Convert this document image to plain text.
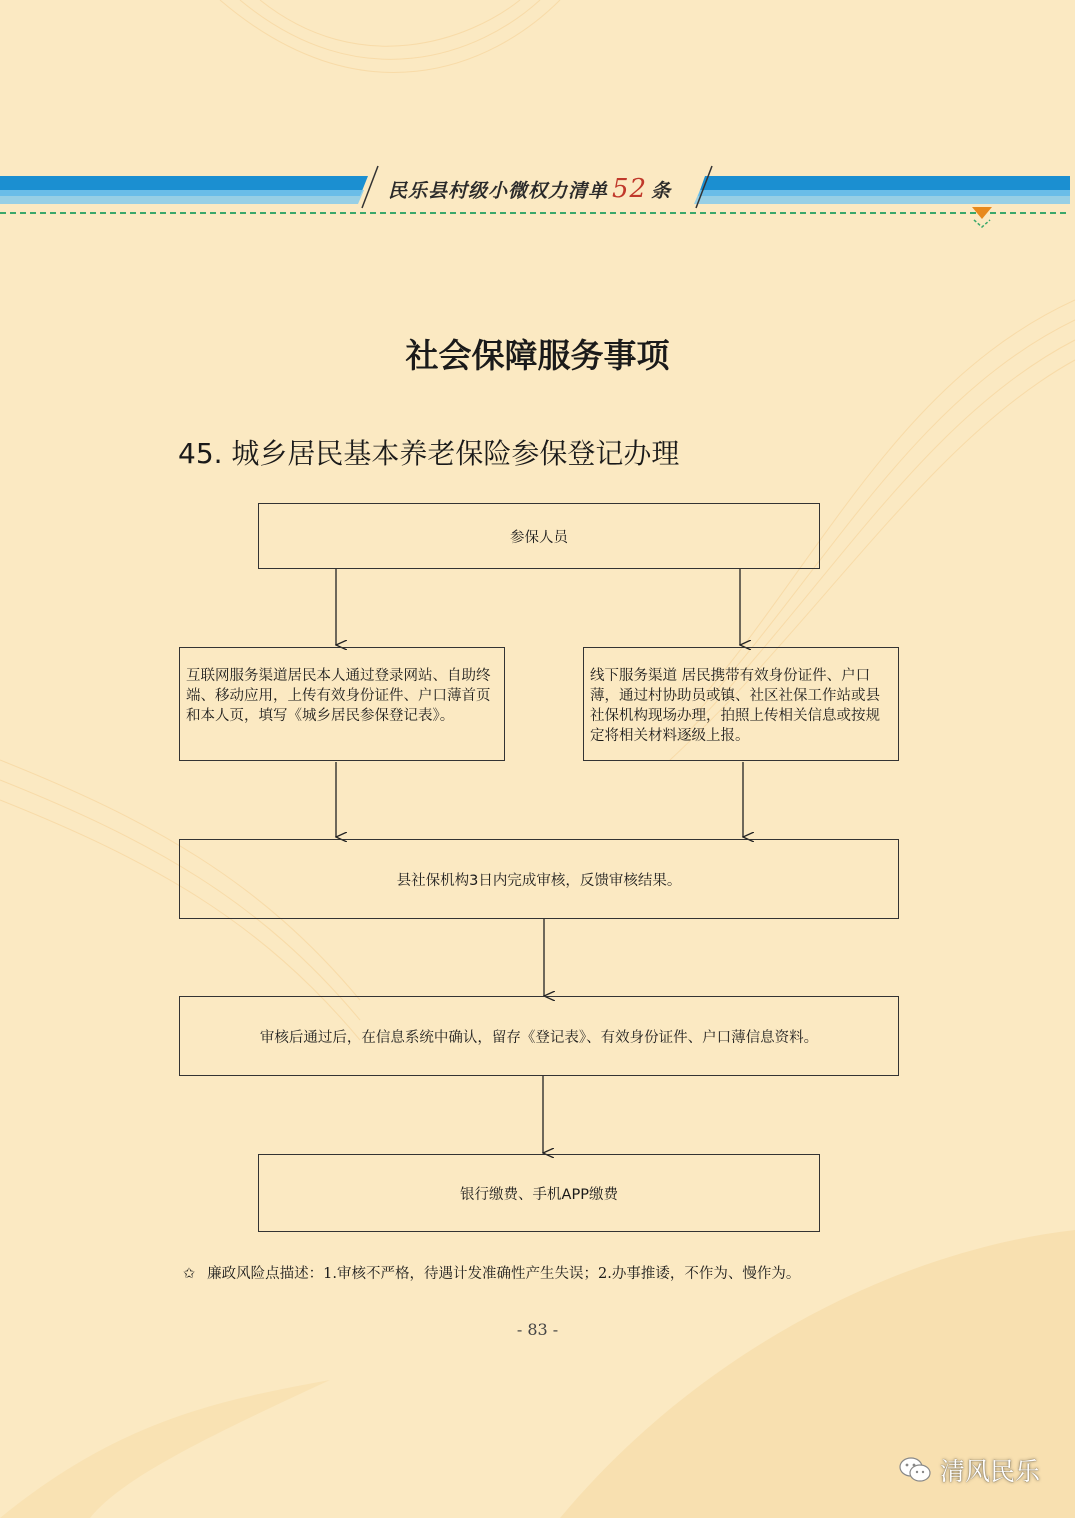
民乐县村级小微权力清单 52 条
社会保障服务事项
45. 城乡居民基本养老保险参保登记办理
参保人员
互联网服务渠道居民本人通过登录网站、自助终端、移动应用，上传有效身份证件、户口薄首页和本人页，填写《城乡居民参保登记表》。
线下服务渠道 居民携带有效身份证件、户口薄，通过村协助员或镇、社区社保工作站或县社保机构现场办理，拍照上传相关信息或按规定将相关材料逐级上报。
县社保机构3日内完成审核，反馈审核结果。
审核后通过后，在信息系统中确认，留存《登记表》、有效身份证件、户口薄信息资料。
银行缴费、手机APP缴费
✩ 廉政风险点描述：1.审核不严格，待遇计发准确性产生失误；2.办事推诿，不作为、慢作为。
- 83 -
清风民乐
